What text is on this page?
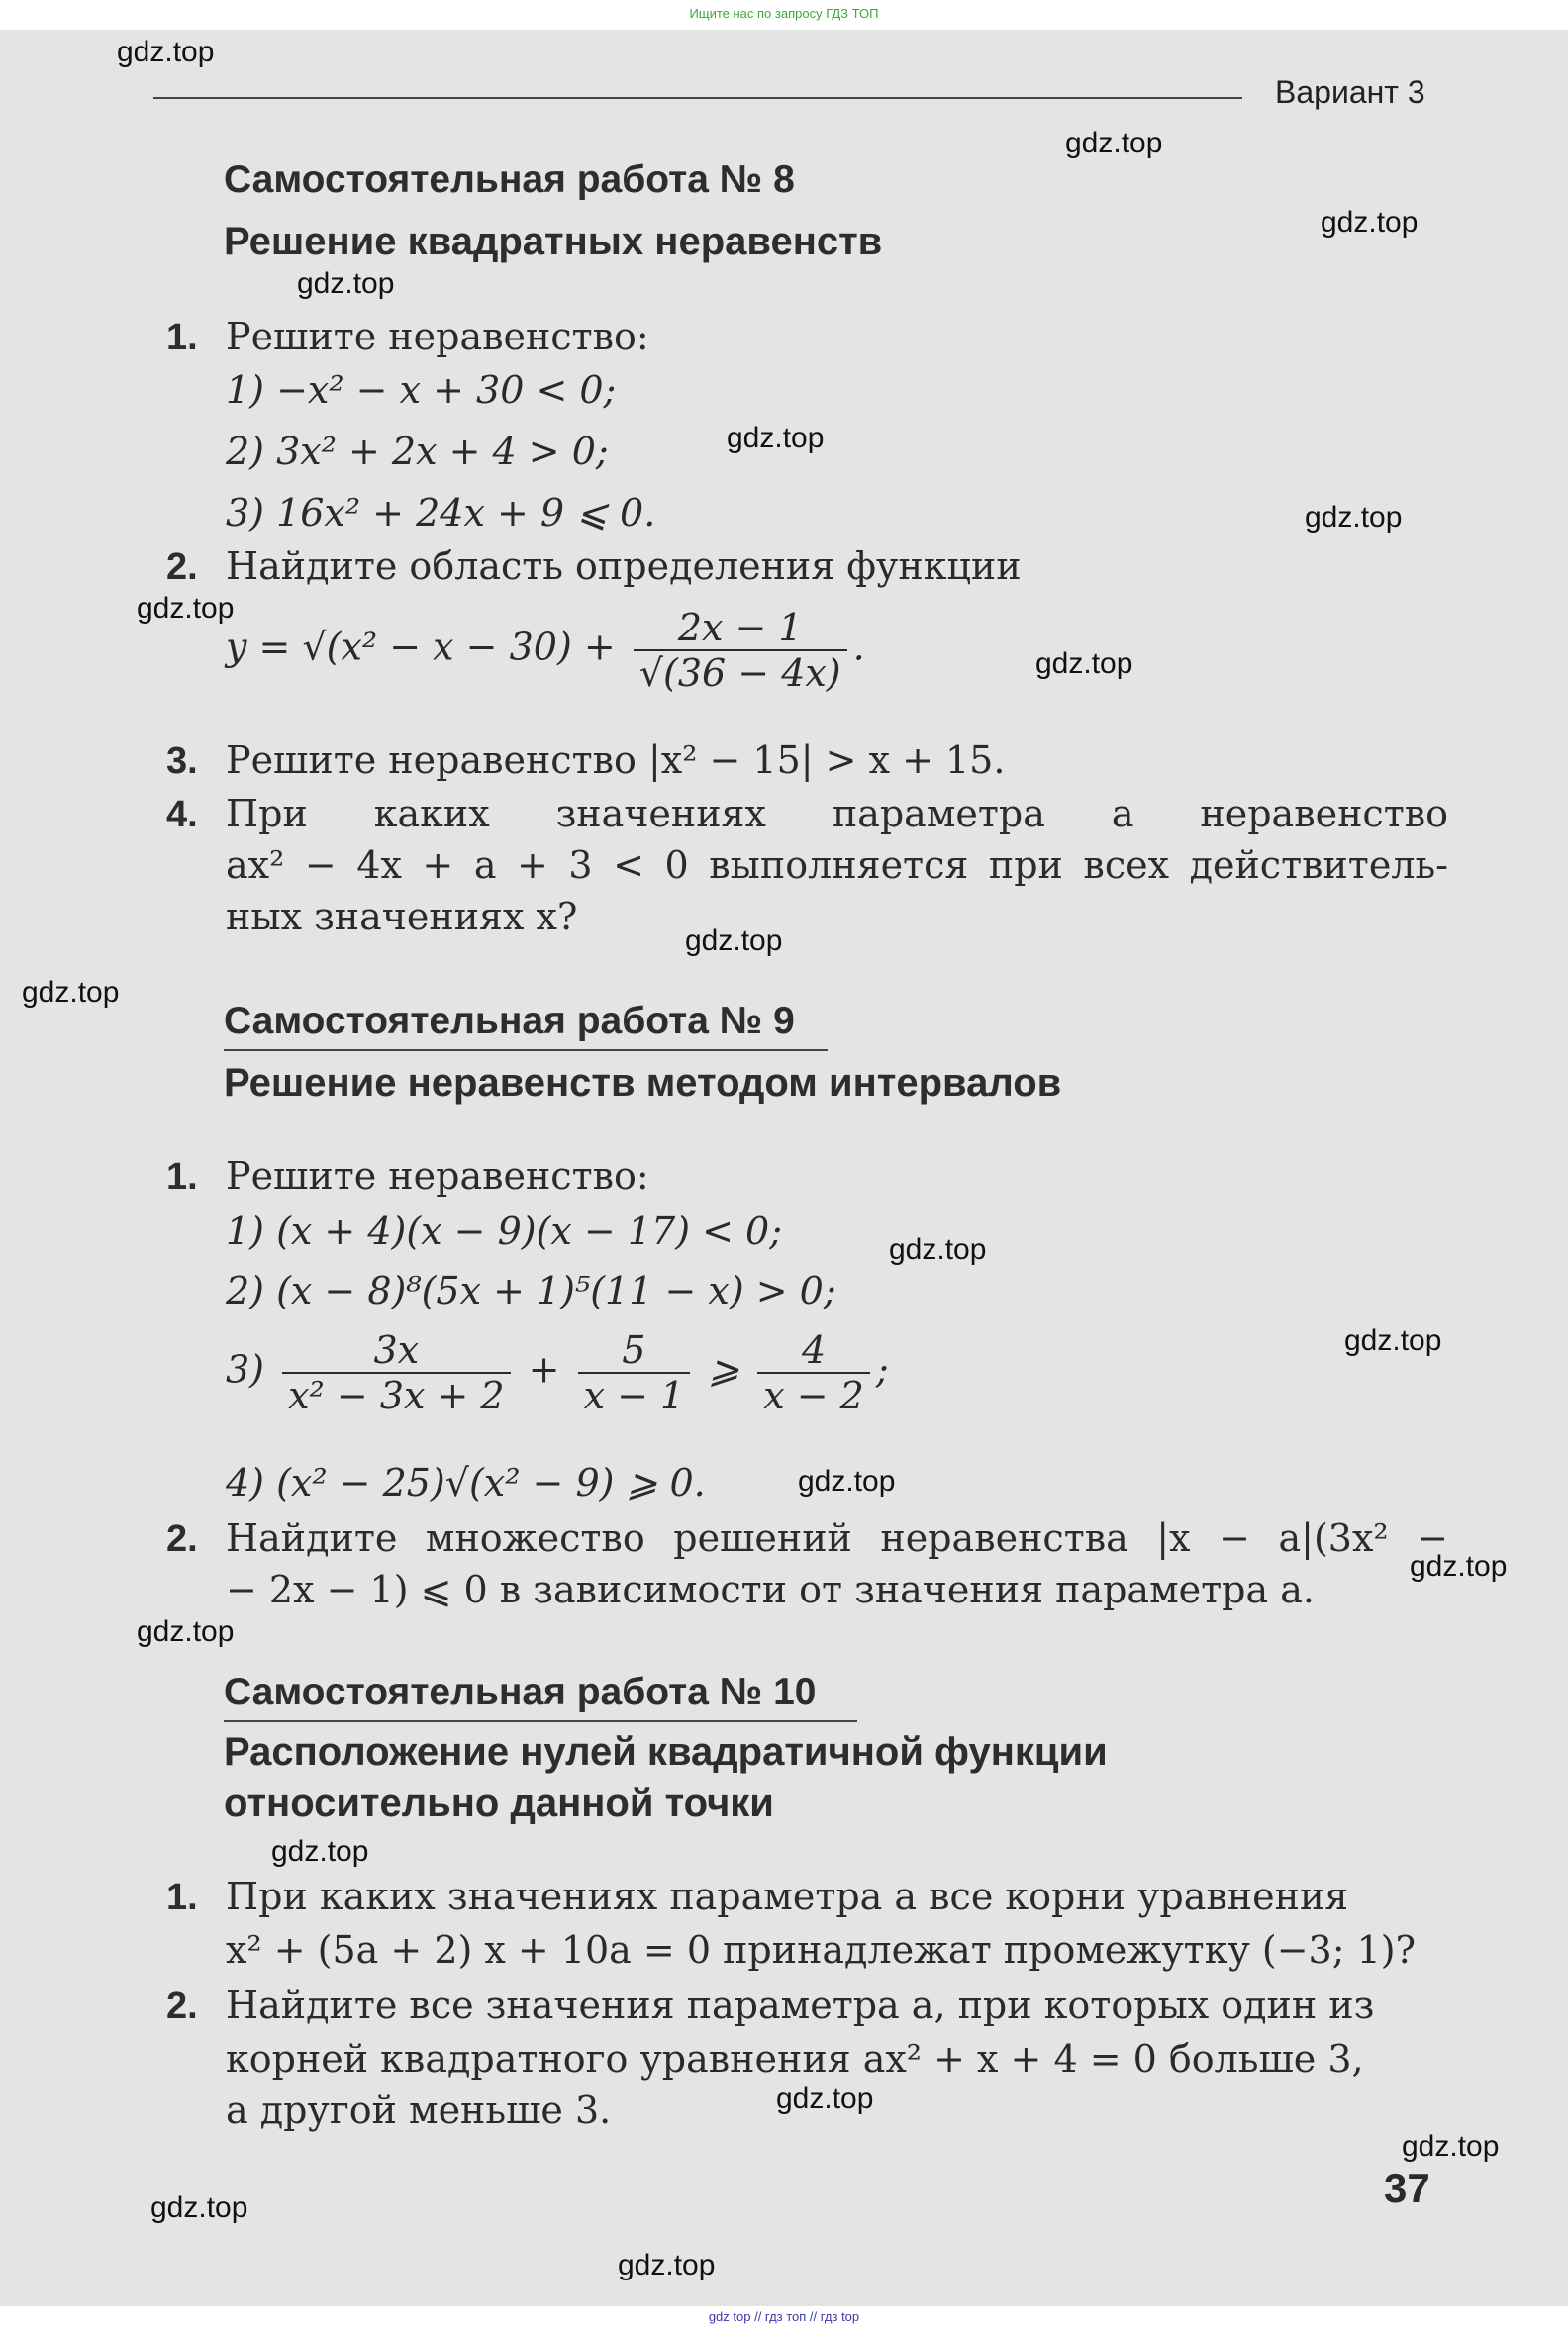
Ищите нас по запросу ГДЗ ТОП
Вариант 3
Самостоятельная работа № 8
Решение квадратных неравенств
1. Решите неравенство:
1) −x² − x + 30 < 0;
2) 3x² + 2x + 4 > 0;
3) 16x² + 24x + 9 ⩽ 0.
2. Найдите область определения функции
$y = √(x^2 - x - 30) + \frac{2x - 1}{√(36 - 4x)}$ .
3. Решите неравенство |x² − 15| > x + 15.
4. При каких значениях параметра a неравенство
ax² − 4x + a + 3 < 0 выполняется при всех действитель-
ных значениях x?
Самостоятельная работа № 9
Решение неравенств методом интервалов
1. Решите неравенство:
1) (x + 4)(x − 9)(x − 17) < 0;
2) (x − 8)⁸(5x + 1)⁵(11 − x) > 0;
$3) \frac{3x}{\text{x² − 3x + 2}} + \frac{5}{x - 1}$ ⩾ $\frac{4}{x - 2}$ ;
4) (x² − 25)√(x² − 9) ⩾ 0.
2. Найдите множество решений неравенства |x − a|(3x² −
− 2x − 1) ⩽ 0 в зависимости от значения параметра a.
Самостоятельная работа № 10
Расположение нулей квадратичной функции
относительно данной точки
1. При каких значениях параметра a все корни уравнения
x² + (5a + 2) x + 10a = 0 принадлежат промежутку (−3; 1)?
2. Найдите все значения параметра a, при которых один из
корней квадратного уравнения ax² + x + 4 = 0 больше 3,
а другой меньше 3.
37
gdz.top
gdz.top
gdz.top
gdz.top
gdz.top
gdz.top
gdz.top
gdz.top
gdz.top
gdz.top
gdz.top
gdz.top
gdz.top
gdz.top
gdz.top
gdz.top
gdz.top
gdz.top
gdz.top
gdz.top
gdz top // гдз топ // гдз top
